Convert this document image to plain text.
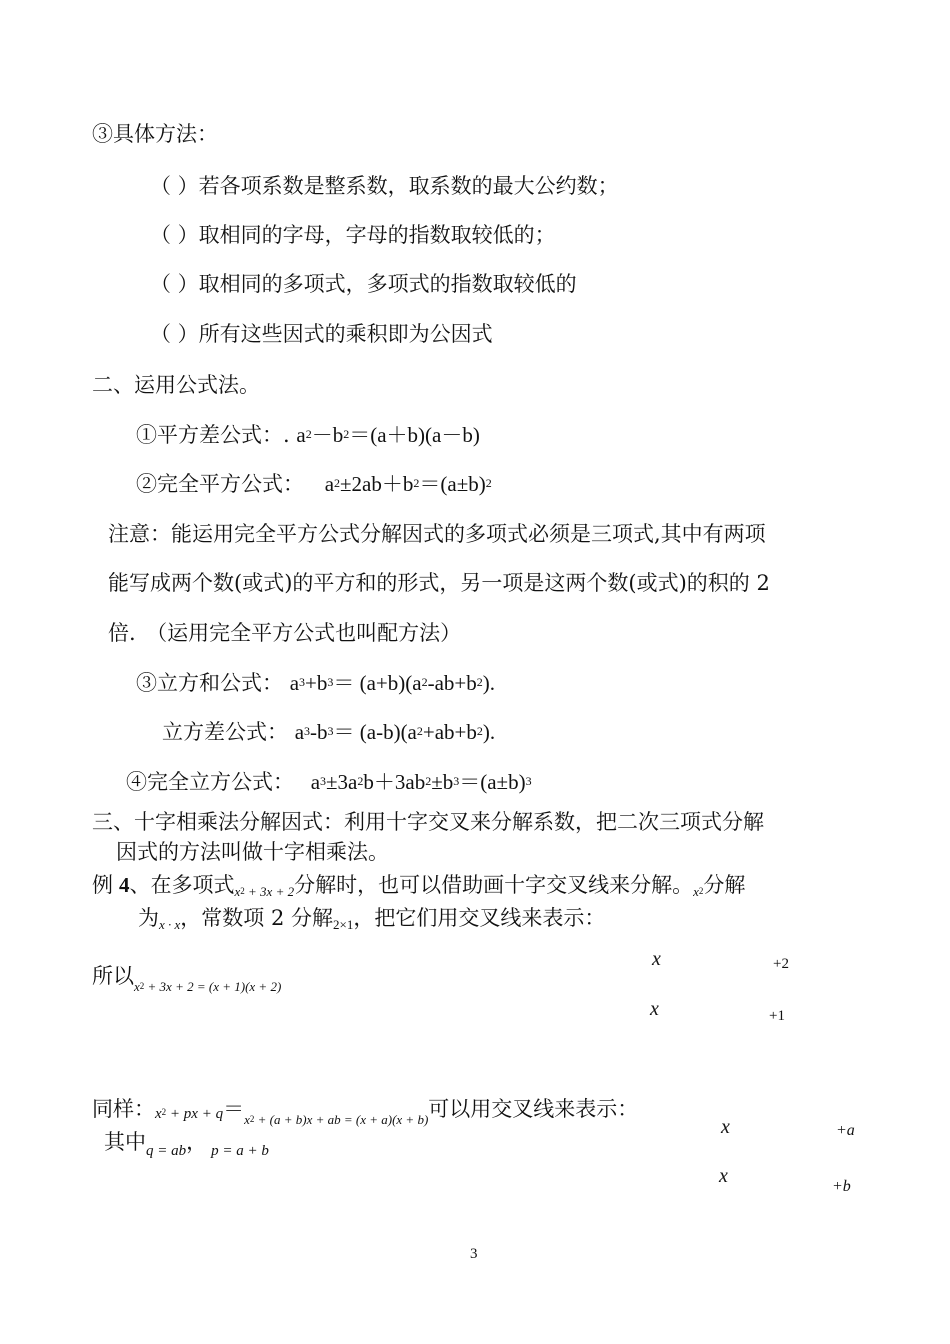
③具体方法：
（ ）若各项系数是整系数，取系数的最大公约数；
（ ）取相同的字母，字母的指数取较低的；
（ ）取相同的多项式，多项式的指数取较低的
（ ）所有这些因式的乘积即为公因式
二、运用公式法。
①平方差公式：. $a^2-b^2=(a+b)(a-b)$
②完全平方公式： $a^2\pm 2ab+b^2=(a\pm b)^2$
注意：能运用完全平方公式分解因式的多项式必须是三项式,其中有两项
能写成两个数(或式)的平方和的形式，另一项是这两个数(或式)的积的 2
倍.　（运用完全平方公式也叫配方法）
③立方和公式： $a^3+b^3= (a+b)(a^2-ab+b^2)$.
立方差公式： $a^3-b^3= (a-b)(a^2+ab+b^2)$.
④完全立方公式： $a^3\pm 3a^2b+3ab^2\pm b^3=(a\pm b)^3$
三、十字相乘法分解因式：利用十字交叉来分解系数，把二次三项式分解
因式的方法叫做十字相乘法。
例 4、在多项式x2 + 3x + 2分解时，也可以借助画十字交叉线来分解。x2分解
为x · x，常数项 2 分解2×1，把它们用交叉线来表示：
所以x2 + 3x + 2 = (x + 1)(x + 2)
x	+2
x	+1
同样：$x^2$ + px + q＝x2 + (a + b)x + ab = (x + a)(x + b)可以用交叉线来表示：
其中q = ab， p = a + b
x	+a
x	+b
3
